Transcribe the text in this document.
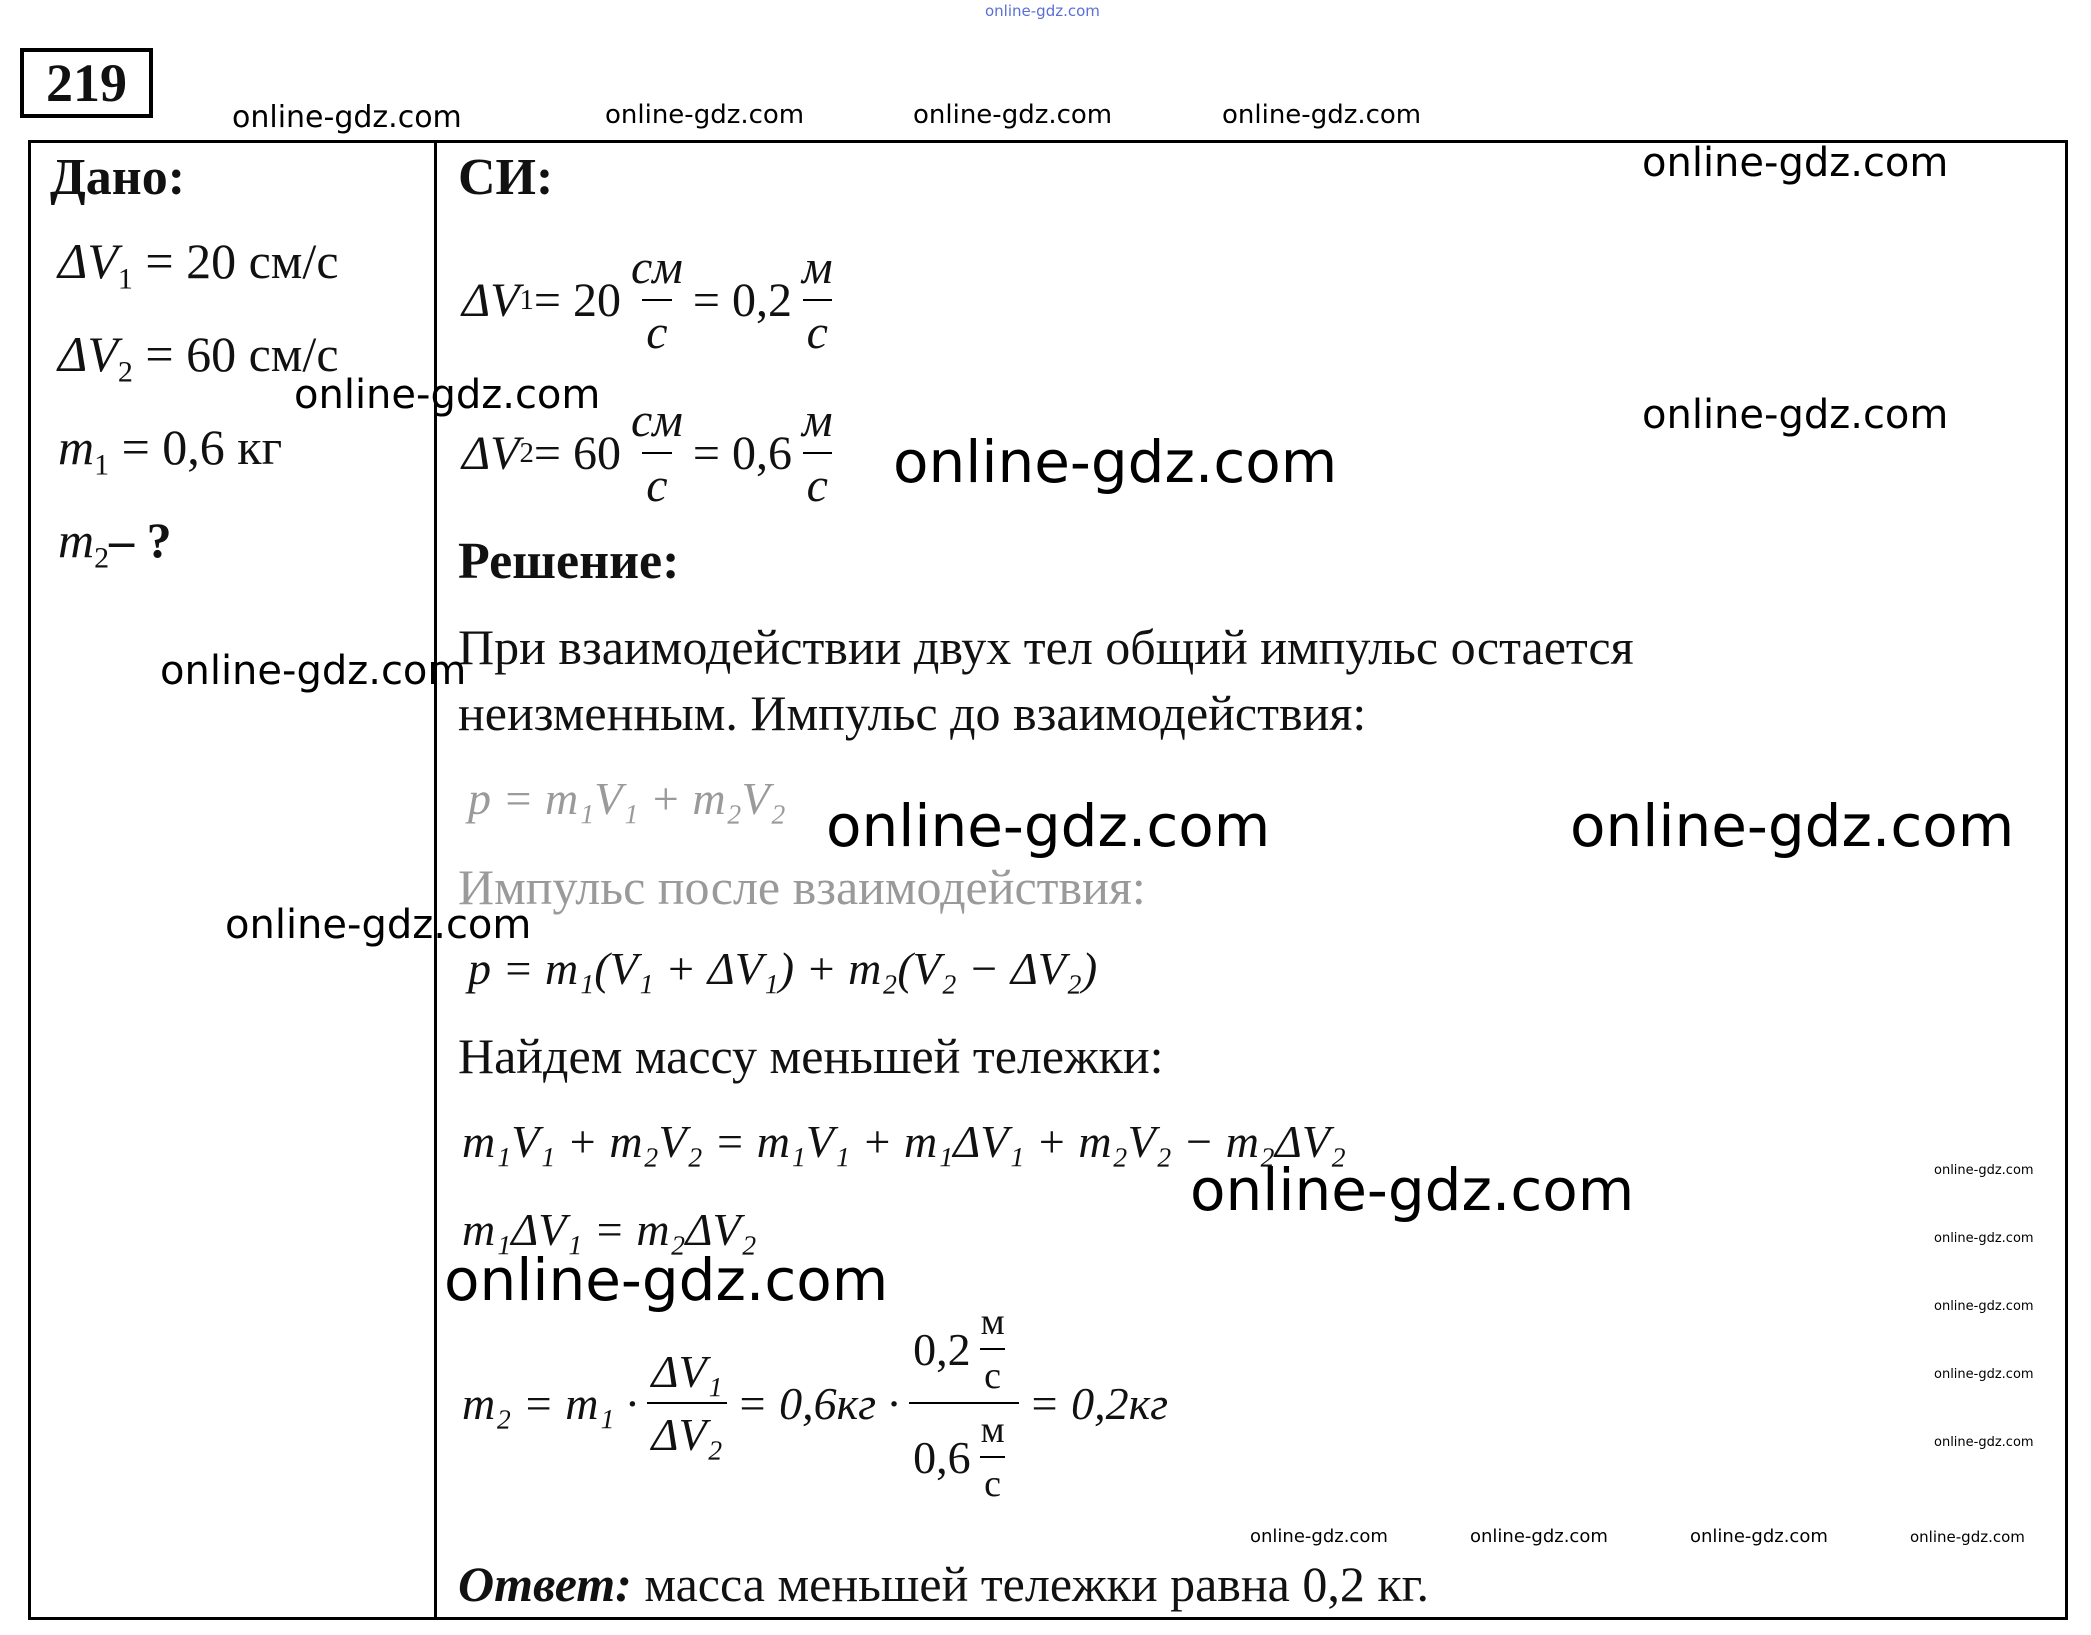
online-gdz.com
219
online-gdz.com	online-gdz.com	online-gdz.com	online-gdz.com
Дано:
$\Delta V_1 = 20$ см/с
$\Delta V_2 = 60$ см/с
$m_1 = 0,6$ кг
$m_2-$ ?
СИ:
ΔV $1 = 20 \frac{см}{с} = 0,2 \frac{м}{с}$
ΔV $2 = 60 \frac{см}{с} = 0,6 \frac{м}{с}$
Решение:
При взаимодействии двух тел общий импульс остается
неизменным. Импульс до взаимодействия:
p = m₁V₁ + m₂V₂
Импульс после взаимодействия:
p = m₁(V₁ + ΔV₁) + m₂(V₂ − ΔV₂)
Найдем массу меньшей тележки:
m₁V₁ + m₂V₂ = m₁V₁ + m₁ΔV₁ + m₂V₂ − m₂ΔV₂
m₁ΔV₁ = m₂ΔV₂
$m_2 = m_1 \cdot \frac{\text{ΔV₁}}{\text{ΔV₂}} = 0,6кг \cdot \frac{0,2 \frac{м}{с}}{0,6 \frac{м}{с}} = 0,2кг$
Ответ: масса меньшей тележки равна 0,2 кг.
online-gdz.com
online-gdz.com	online-gdz.com
online-gdz.com
online-gdz.com
online-gdz.com	online-gdz.com
online-gdz.com
online-gdz.com
online-gdz.com
online-gdz.com
online-gdz.com
online-gdz.com
online-gdz.com
online-gdz.com
online-gdz.com	online-gdz.com	online-gdz.com	online-gdz.com
